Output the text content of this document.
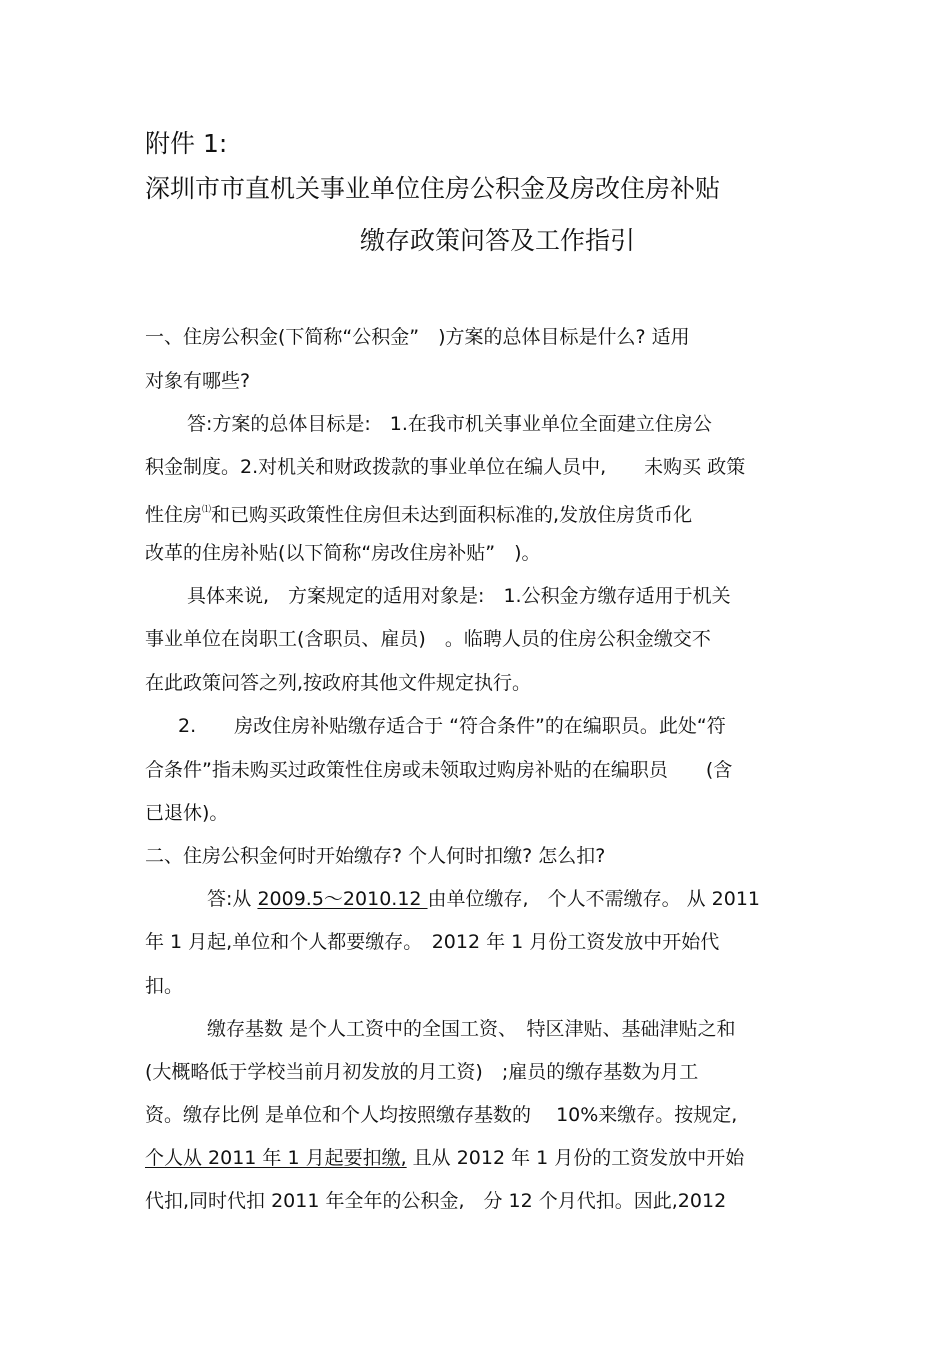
附件 1:
深圳市市直机关事业单位住房公积金及房改住房补贴
缴存政策问答及工作指引
一、住房公积金(下简称“公积金”　)方案的总体目标是什么? 适用
对象有哪些?
答:方案的总体目标是:　1.在我市机关事业单位全面建立住房公
积金制度。2.对机关和财政拨款的事业单位在编人员中,　　未购买 政策
性住房⑴和已购买政策性住房但未达到面积标准的,发放住房货币化
改革的住房补贴(以下简称“房改住房补贴”　)。
具体来说,　方案规定的适用对象是:　1.公积金方缴存适用于机关
事业单位在岗职工(含职员、雇员)　。临聘人员的住房公积金缴交不
在此政策问答之列,按政府其他文件规定执行。
2.　　房改住房补贴缴存适合于 “符合条件”的在编职员。此处“符
合条件”指未购买过政策性住房或未领取过购房补贴的在编职员　　(含
已退休)。
二、住房公积金何时开始缴存? 个人何时扣缴? 怎么扣?
答:从 2009.5～2010.12 由单位缴存,　个人不需缴存。 从 2011
年 1 月起,单位和个人都要缴存。　2012 年 1 月份工资发放中开始代
扣。
缴存基数 是个人工资中的全国工资、　特区津贴、基础津贴之和
(大概略低于学校当前月初发放的月工资)　;雇员的缴存基数为月工
资。缴存比例 是单位和个人均按照缴存基数的　 10%来缴存。按规定,
个人从 2011 年 1 月起要扣缴, 且从 2012 年 1 月份的工资发放中开始
代扣,同时代扣 2011 年全年的公积金,　分 12 个月代扣。因此,2012
